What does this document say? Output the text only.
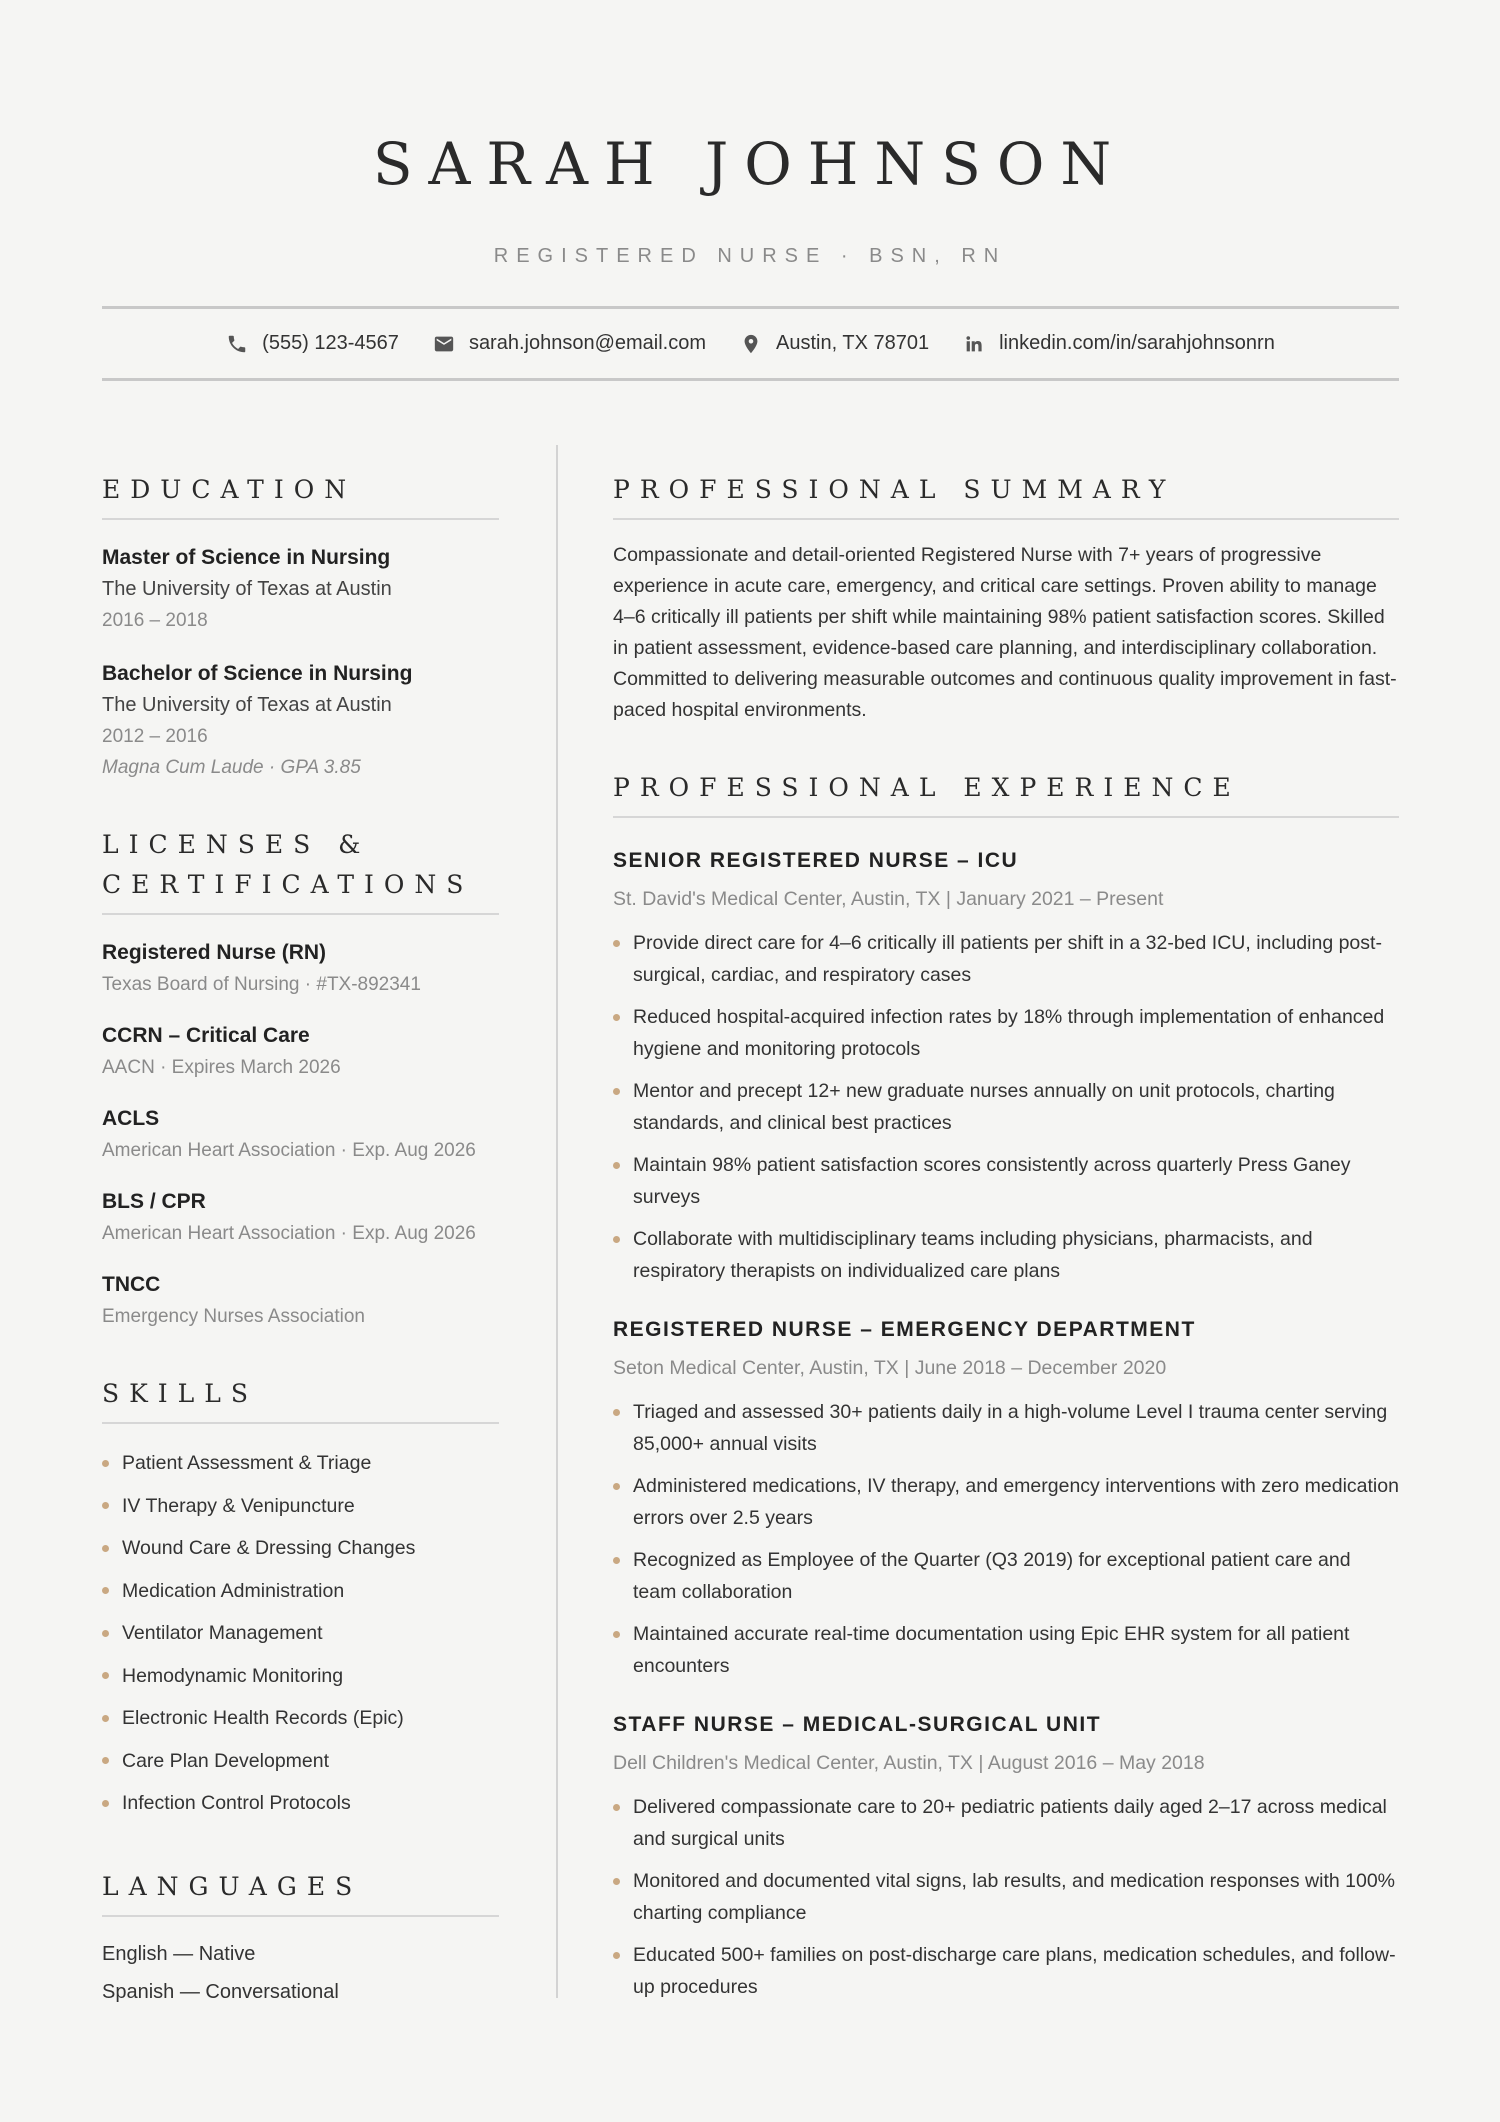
SARAH JOHNSON
REGISTERED NURSE · BSN, RN
(555) 123-4567	sarah.johnson@email.com	Austin, TX 78701	linkedin.com/in/sarahjohnsonrn
EDUCATION
Master of Science in Nursing
The University of Texas at Austin
2016 – 2018
Bachelor of Science in Nursing
The University of Texas at Austin
2012 – 2016
Magna Cum Laude · GPA 3.85
LICENSES &
CERTIFICATIONS
Registered Nurse (RN)
Texas Board of Nursing · #TX-892341
CCRN – Critical Care
AACN · Expires March 2026
ACLS
American Heart Association · Exp. Aug 2026
BLS / CPR
American Heart Association · Exp. Aug 2026
TNCC
Emergency Nurses Association
SKILLS
Patient Assessment & Triage
IV Therapy & Venipuncture
Wound Care & Dressing Changes
Medication Administration
Ventilator Management
Hemodynamic Monitoring
Electronic Health Records (Epic)
Care Plan Development
Infection Control Protocols
LANGUAGES
English — Native
Spanish — Conversational
PROFESSIONAL SUMMARY

Compassionate and detail-oriented Registered Nurse with 7+ years of progressive experience in acute care, emergency, and critical care settings. Proven ability to manage 4–6 critically ill patients per shift while maintaining 98% patient satisfaction scores. Skilled in patient assessment, evidence-based care planning, and interdisciplinary collaboration. Committed to delivering measurable outcomes and continuous quality improvement in fast-paced hospital environments.

PROFESSIONAL EXPERIENCE
SENIOR REGISTERED NURSE – ICU
St. David's Medical Center, Austin, TX | January 2021 – Present
Provide direct care for 4–6 critically ill patients per shift in a 32-bed ICU, including post-surgical, cardiac, and respiratory cases
Reduced hospital-acquired infection rates by 18% through implementation of enhanced hygiene and monitoring protocols
Mentor and precept 12+ new graduate nurses annually on unit protocols, charting standards, and clinical best practices
Maintain 98% patient satisfaction scores consistently across quarterly Press Ganey surveys
Collaborate with multidisciplinary teams including physicians, pharmacists, and respiratory therapists on individualized care plans
REGISTERED NURSE – EMERGENCY DEPARTMENT
Seton Medical Center, Austin, TX | June 2018 – December 2020
Triaged and assessed 30+ patients daily in a high-volume Level I trauma center serving 85,000+ annual visits
Administered medications, IV therapy, and emergency interventions with zero medication errors over 2.5 years
Recognized as Employee of the Quarter (Q3 2019) for exceptional patient care and team collaboration
Maintained accurate real-time documentation using Epic EHR system for all patient encounters
STAFF NURSE – MEDICAL-SURGICAL UNIT
Dell Children's Medical Center, Austin, TX | August 2016 – May 2018
Delivered compassionate care to 20+ pediatric patients daily aged 2–17 across medical and surgical units
Monitored and documented vital signs, lab results, and medication responses with 100% charting compliance
Educated 500+ families on post-discharge care plans, medication schedules, and follow-up procedures
